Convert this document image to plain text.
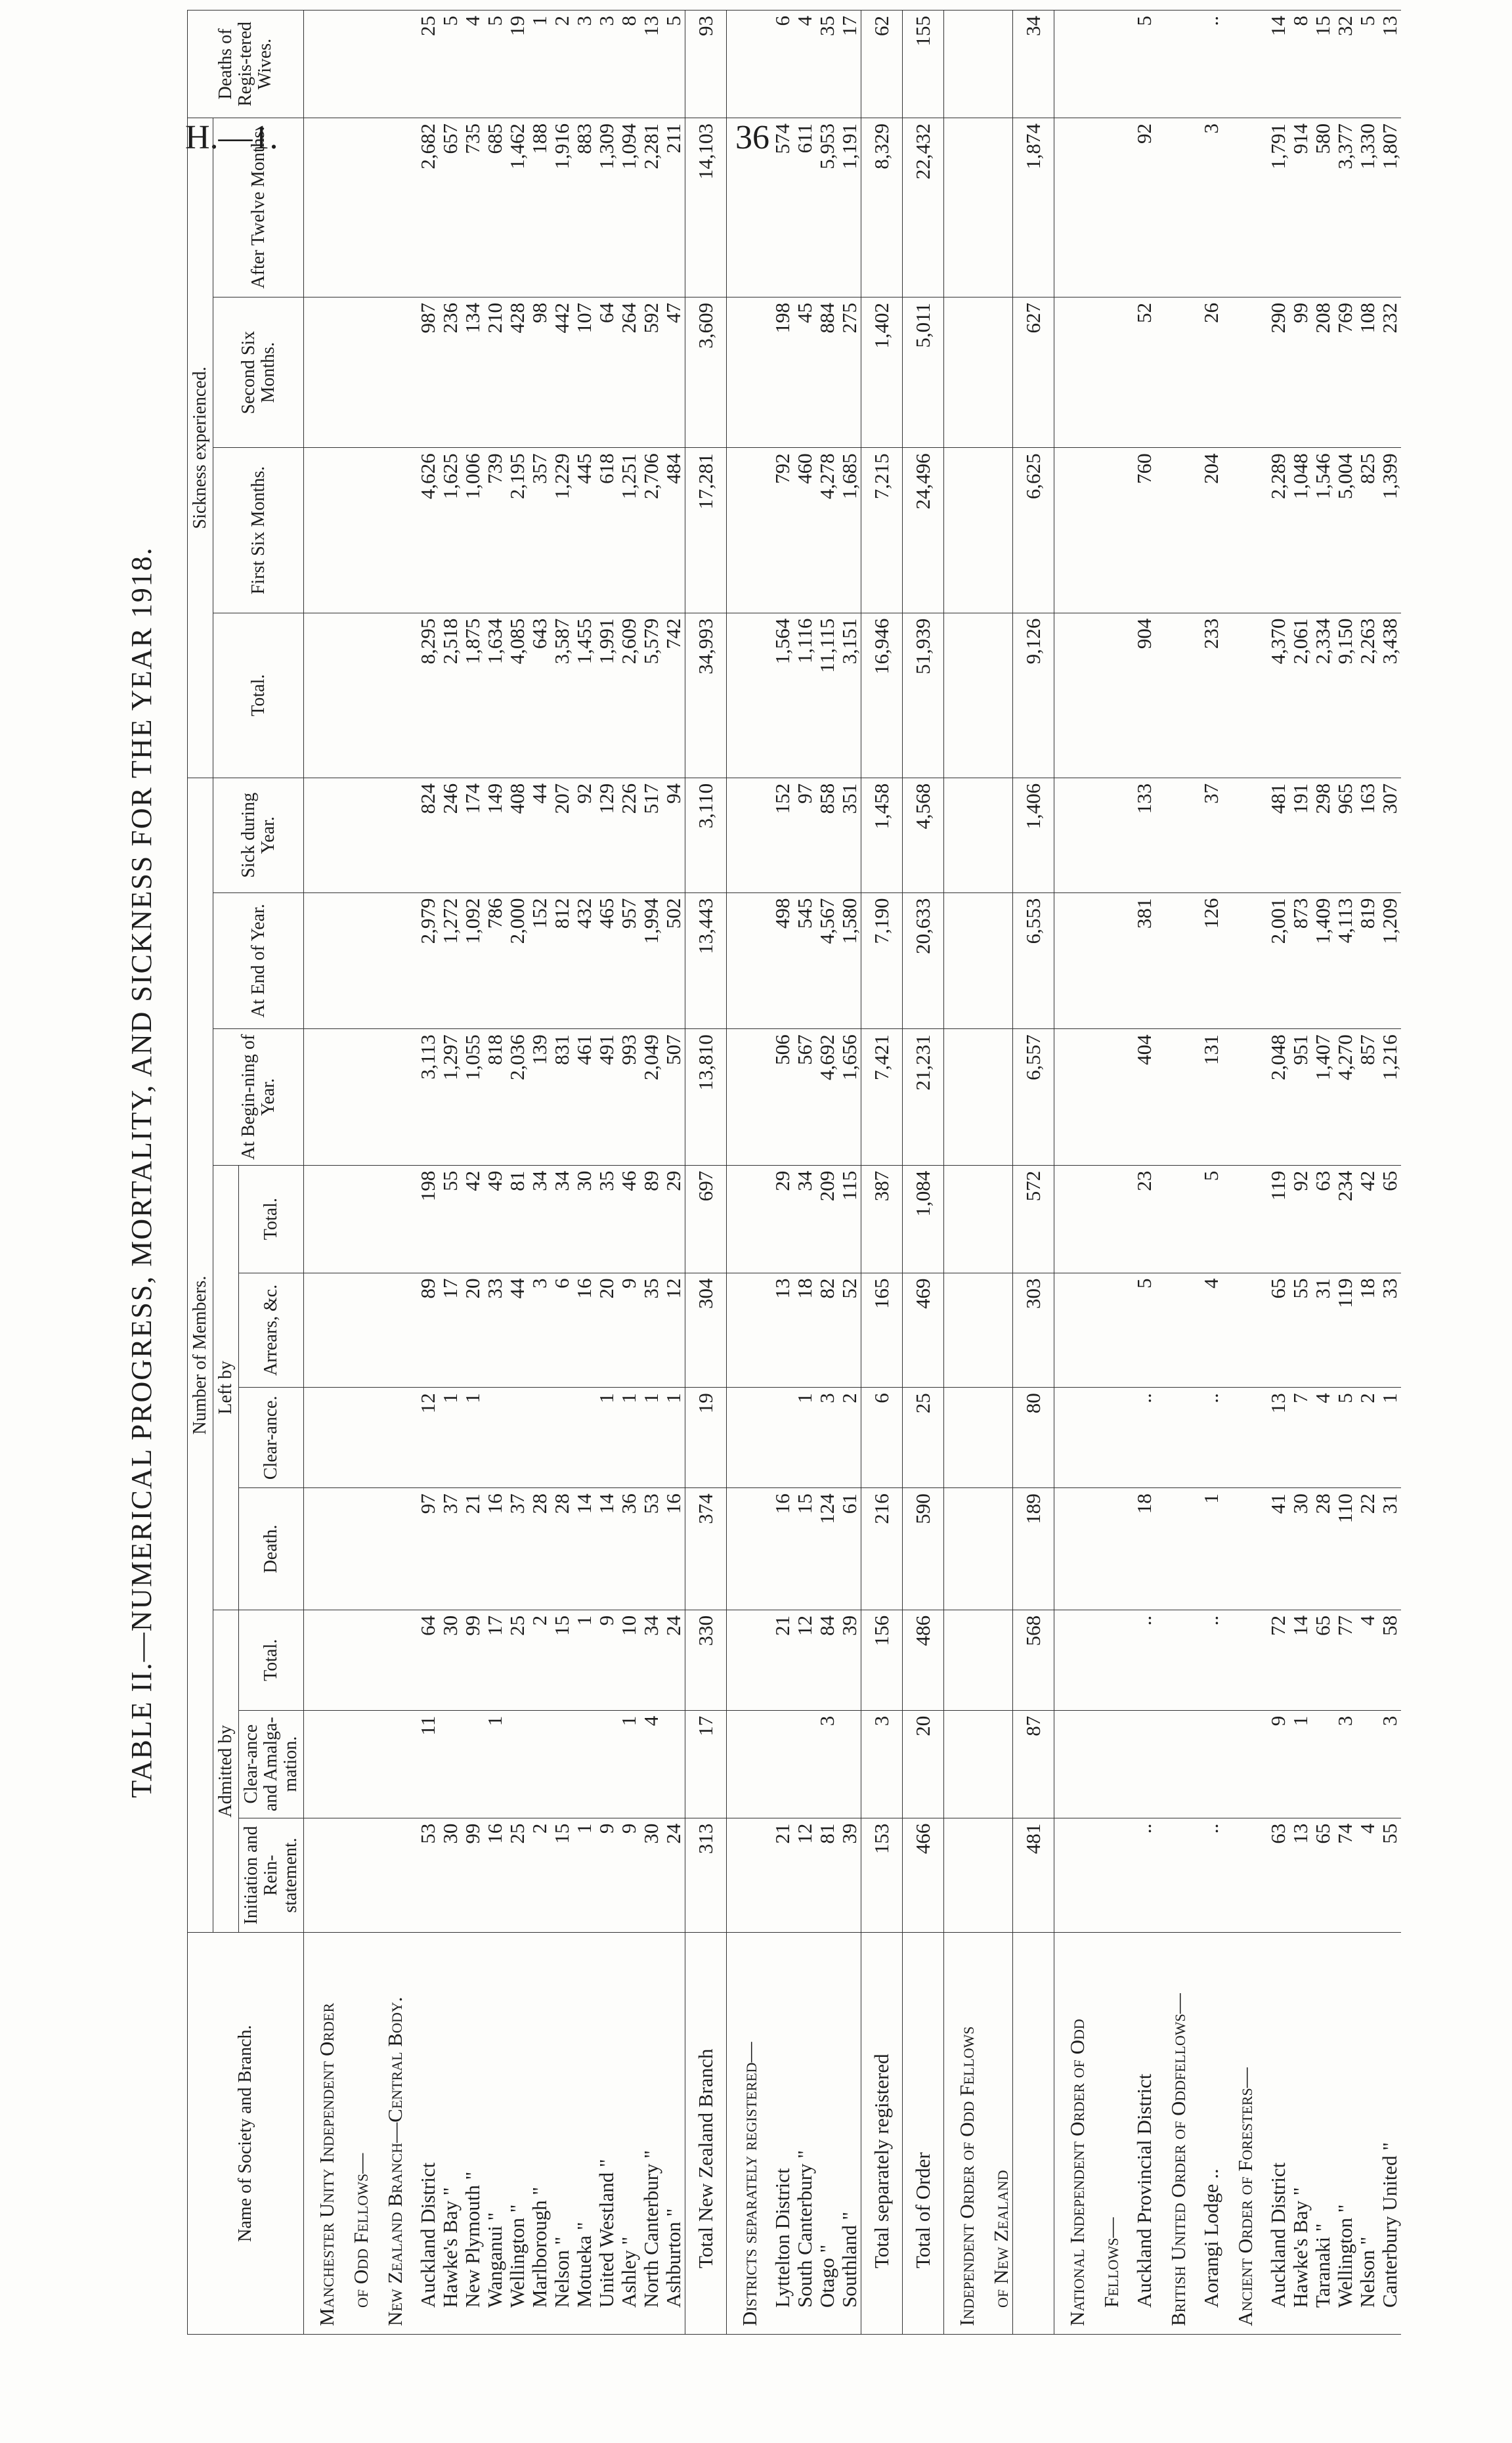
H.—1.	36
TABLE II.—NUMERICAL PROGRESS, MORTALITY, AND SICKNESS FOR THE YEAR 1918.
Name of Society and Branch.	Number of Members.										Sickness experienced.				Deaths of Regis-tered Wives.
	Admitted by			Left by				At Begin-ning of Year.	At End of Year.	Sick during Year.	Total.	First Six Months.	Second Six Months.	After Twelve Months.	
	Initiation and Rein-statement.	Clear-ance and Amalga-mation.	Total.	Death.	Clear-ance.	Arrears, &c.	Total.								
Manchester Unity Independent Order															
of Odd Fellows—															
New Zealand Branch—Central Body.															
Auckland District	53	11	64	97	12	89	198	3,113	2,979	824	8,295	4,626	987	2,682	25
Hawke's Bay "	30		30	37	1	17	55	1,297	1,272	246	2,518	1,625	236	657	5
New Plymouth "	99		99	21	1	20	42	1,055	1,092	174	1,875	1,006	134	735	4
Wanganui "	16	1	17	16		33	49	818	786	149	1,634	739	210	685	5
Wellington "	25		25	37		44	81	2,036	2,000	408	4,085	2,195	428	1,462	19
Marlborough "	2		2	28		3	34	139	152	44	643	357	98	188	1
Nelson "	15		15	28		6	34	831	812	207	3,587	1,229	442	1,916	2
Motueka "	1		1	14		16	30	461	432	92	1,455	445	107	883	3
United Westland "	9		9	14	1	20	35	491	465	129	1,991	618	64	1,309	3
Ashley "	9	1	10	36	1	9	46	993	957	226	2,609	1,251	264	1,094	8
North Canterbury "	30	4	34	53	1	35	89	2,049	1,994	517	5,579	2,706	592	2,281	13
Ashburton "	24		24	16	1	12	29	507	502	94	742	484	47	211	5
Total New Zealand Branch	313	17	330	374	19	304	697	13,810	13,443	3,110	34,993	17,281	3,609	14,103	93
Districts separately registered—															
Lyttelton District	21		21	16		13	29	506	498	152	1,564	792	198	574	6
South Canterbury "	12		12	15	1	18	34	567	545	97	1,116	460	45	611	4
Otago "	81	3	84	124	3	82	209	4,692	4,567	858	11,115	4,278	884	5,953	35
Southland "	39		39	61	2	52	115	1,656	1,580	351	3,151	1,685	275	1,191	17
Total separately registered	153	3	156	216	6	165	387	7,421	7,190	1,458	16,946	7,215	1,402	8,329	62
Total of Order	466	20	486	590	25	469	1,084	21,231	20,633	4,568	51,939	24,496	5,011	22,432	155
Independent Order of Odd Fellows															
of New Zealand															
	481	87	568	189	80	303	572	6,557	6,553	1,406	9,126	6,625	627	1,874	34
National Independent Order of Odd															
Fellows—															
Auckland Provincial District	..		..	18	..	5	23	404	381	133	904	760	52	92	5
British United Order of Oddfellows—															
Aorangi Lodge ..	..		..	1	..	4	5	131	126	37	233	204	26	3	..
Ancient Order of Foresters—															
Auckland District	63	9	72	41	13	65	119	2,048	2,001	481	4,370	2,289	290	1,791	14
Hawke's Bay "	13	1	14	30	7	55	92	951	873	191	2,061	1,048	99	914	8
Taranaki "	65		65	28	4	31	63	1,407	1,409	298	2,334	1,546	208	580	15
Wellington "	74	3	77	110	5	119	234	4,270	4,113	965	9,150	5,004	769	3,377	32
Nelson "	4		4	22	2	18	42	857	819	163	2,263	825	108	1,330	5
Canterbury United "	55	3	58	31	1	33	65	1,216	1,209	307	3,438	1,399	232	1,807	13
